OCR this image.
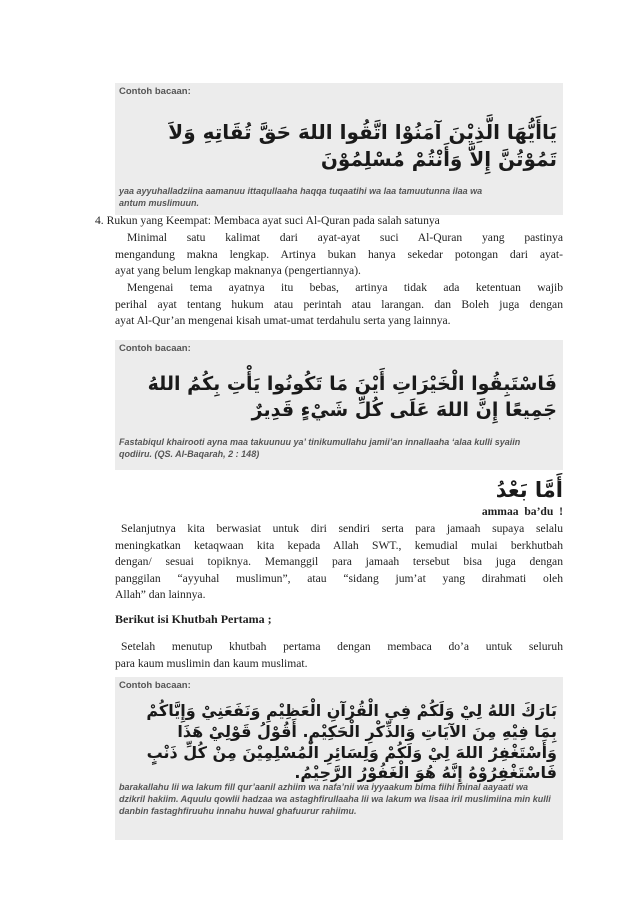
Contoh bacaan:
يَاأَيُّهَا الَّذِيْنَ آمَنُوْا اتَّقُوا اللهَ حَقَّ تُقَاتِهِ وَلاَ تَمُوْتُنَّ إِلاَّ وَأَنْتُمْ مُسْلِمُوْنَ
yaa ayyuhalladziina aamanuu ittaqullaaha haqqa tuqaatihi wa laa tamuutunna ilaa wa antum muslimuun.
4. Rukun yang Keempat: Membaca ayat suci Al-Quran pada salah satunya
Minimal satu kalimat dari ayat-ayat suci Al-Quran yang pastinya
mengandung makna lengkap. Artinya bukan hanya sekedar potongan dari ayat-
ayat yang belum lengkap maknanya (pengertiannya).
Mengenai tema ayatnya itu bebas, artinya tidak ada ketentuan wajib
perihal ayat tentang hukum atau perintah atau larangan. dan Boleh juga dengan
ayat Al-Qur’an mengenai kisah umat-umat terdahulu serta yang lainnya.
Contoh bacaan:
فَاسْتَبِقُوا الْخَيْرَاتِ أَيْنَ مَا تَكُونُوا يَأْتِ بِكُمُ اللهُ جَمِيعًا إِنَّ اللهَ عَلَى كُلِّ شَيْءٍ قَدِيرٌ
Fastabiqul khairooti ayna maa takuunuu ya’ tinikumullahu jamii’an innallaaha ‘alaa kulli syaiin qodiiru. (QS. Al-Baqarah, 2 : 148)
أَمَّا بَعْدُ
ammaa  ba’du  !
Selanjutnya kita berwasiat untuk diri sendiri serta para jamaah supaya selalu
meningkatkan ketaqwaan kita kepada Allah SWT., kemudial mulai berkhutbah
dengan/ sesuai topiknya. Memanggil para jamaah tersebut bisa juga dengan
panggilan “ayyuhal muslimun”, atau “sidang jum’at yang dirahmati oleh
Allah” dan lainnya.
Berikut isi Khutbah Pertama ;
Setelah menutup khutbah pertama dengan membaca do’a untuk seluruh
para kaum muslimin dan kaum muslimat.
Contoh bacaan:
بَارَكَ اللهُ لِيْ وَلَكُمْ فِي الْقُرْآنِ الْعَظِيْمِ وَنَفَعَنِيْ وَإِيَّاكُمْ بِمَا فِيْهِ مِنَ الآيَاتِ وَالذِّكْرِ الْحَكِيْمِ. أَقُوْلُ قَوْلِيْ هَذَا وَأَسْتَغْفِرُ اللهَ لِيْ وَلَكُمْ وَلِسَائِرِ الْمُسْلِمِيْنَ مِنْ كُلِّ ذَنْبٍ فَاسْتَغْفِرُوْهُ إِنَّهُ هُوَ الْغَفُوْرُ الرَّحِيْمُ.
barakallahu lii wa lakum fill qur’aanil azhiim wa nafa’nii wa iyyaakum bima fiihi minal aayaati wa dzikril hakiim. Aquulu qowlii hadzaa wa astaghfirullaaha lii wa lakum wa lisaa iril muslimiina min kulli danbin fastaghfiruuhu innahu huwal ghafuurur rahiimu.
